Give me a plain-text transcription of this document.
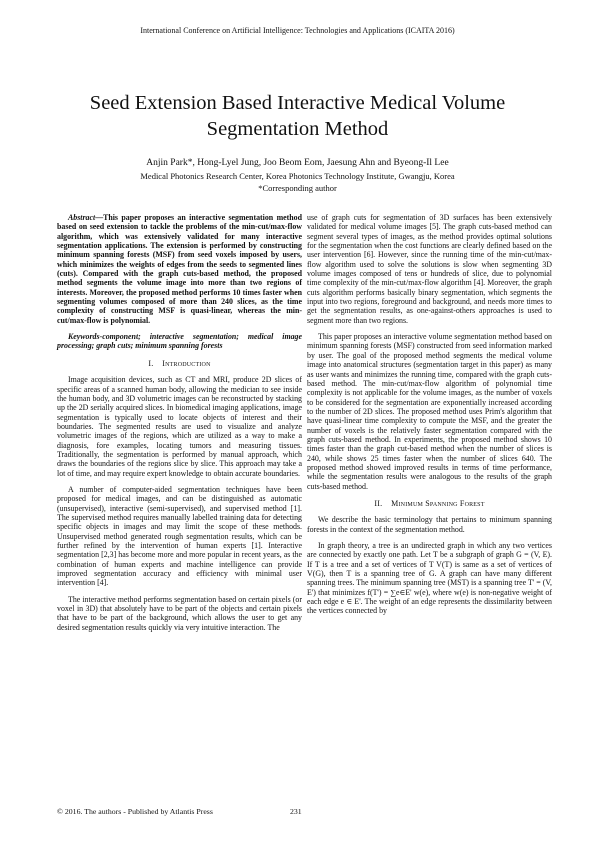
International Conference on Artificial Intelligence: Technologies and Applications (ICAITA 2016)
Seed Extension Based Interactive Medical Volume
Segmentation Method
Anjin Park*, Hong-Lyel Jung, Joo Beom Eom, Jaesung Ahn and Byeong-Il Lee
Medical Photonics Research Center, Korea Photonics Technology Institute, Gwangju, Korea
*Corresponding author

Abstract—This paper proposes an interactive segmentation method based on seed extension to tackle the problems of the min-cut/max-flow algorithm, which was extensively validated for many interactive segmentation applications. The extension is performed by constructing minimum spanning forests (MSF) from seed voxels imposed by users, which minimizes the weights of edges from the seeds to segmented lines (cuts). Compared with the graph cuts-based method, the proposed method segments the volume image into more than two regions of interests. Moreover, the proposed method performs 10 times faster when segmenting volumes composed of more than 240 slices, as the time complexity of constructing MSF is quasi-linear, whereas the min-cut/max-flow is polynomial.

Keywords-component; interactive segmentation; medical image processing; graph cuts; minimum spanning forests

I. Introduction

Image acquisition devices, such as CT and MRI, produce 2D slices of specific areas of a scanned human body, allowing the medician to see inside the human body, and 3D volumetric images can be reconstructed by stacking up the 2D serially acquired slices. In biomedical imaging applications, image segmentation is typically used to locate objects of interest and their boundaries. The segmented results are used to visualize and analyze volumetric images of the regions, which are utilized as a way to make a diagnosis, fore examples, locating tumors and measuring tissues. Traditionally, the segmentation is performed by manual approach, which draws the boundaries of the regions slice by slice. This approach may take a lot of time, and may require expert knowledge to obtain accurate boundaries.

A number of computer-aided segmentation techniques have been proposed for medical images, and can be distinguished as automatic (unsupervised), interactive (semi-supervised), and supervised method [1]. The supervised method requires manually labelled training data for detecting specific objects in images and may limit the scope of these methods. Unsupervised method generated rough segmentation results, which can be further refined by the intervention of human experts [1]. Interactive segmentation [2,3] has become more and more popular in recent years, as the combination of human experts and machine intelligence can provide improved segmentation accuracy and efficiency with minimal user intervention [4].

The interactive method performs segmentation based on certain pixels (or voxel in 3D) that absolutely have to be part of the objects and certain pixels that have to be part of the background, which allows the user to get any desired segmentation results quickly via very intuitive interaction. The

use of graph cuts for segmentation of 3D surfaces has been extensively validated for medical volume images [5]. The graph cuts-based method can segment several types of images, as the method provides optimal solutions for the segmentation when the cost functions are clearly defined based on the user intervention [6]. However, since the running time of the min-cut/max-flow algorithm used to solve the solutions is slow when segmenting 3D volume images composed of tens or hundreds of slice, due to polynomial time complexity of the min-cut/max-flow algorithm [4]. Moreover, the graph cuts algorithm performs basically binary segmentation, which segments the input into two regions, foreground and background, and needs more times to get the segmentation results, as one-against-others approaches is used to segment more than two regions.

This paper proposes an interactive volume segmentation method based on minimum spanning forests (MSF) constructed from seed information marked by user. The goal of the proposed method segments the medical volume image into anatomical structures (segmentation target in this paper) as many as user wants and minimizes the running time, compared with the graph cuts-based method. The min-cut/max-flow algorithm of polynomial time complexity is not applicable for the volume images, as the number of voxels to be considered for the segmentation are exponentially increased according to the number of 2D slices. The proposed method uses Prim's algorithm that have quasi-linear time complexity to compute the MSF, and the greater the number of voxels is the relatively faster segmentation compared with the graph cuts-based method. In experiments, the proposed method shows 10 times faster than the graph cut-based method when the number of slices is 240, while shows 25 times faster when the number of slices 640. The proposed method showed improved results in terms of time performance, while the segmentation results were analogous to the results of the graph cuts-based method.

II. Minimum Spanning Forest

We describe the basic terminology that pertains to minimum spanning forests in the context of the segmentation method.

In graph theory, a tree is an undirected graph in which any two vertices are connected by exactly one path. Let T be a subgraph of graph G = (V, E). If T is a tree and a set of vertices of T V(T) is same as a set of vertices of V(G), then T is a spanning tree of G. A graph can have many different spanning trees. The minimum spanning tree (MST) is a spanning tree T' = (V, E') that minimizes f(T') = ∑e∈E' w(e), where w(e) is non-negative weight of each edge e ∈ E'. The weight of an edge represents the dissimilarity between the vertices connected by

© 2016. The authors - Published by Atlantis Press	231
